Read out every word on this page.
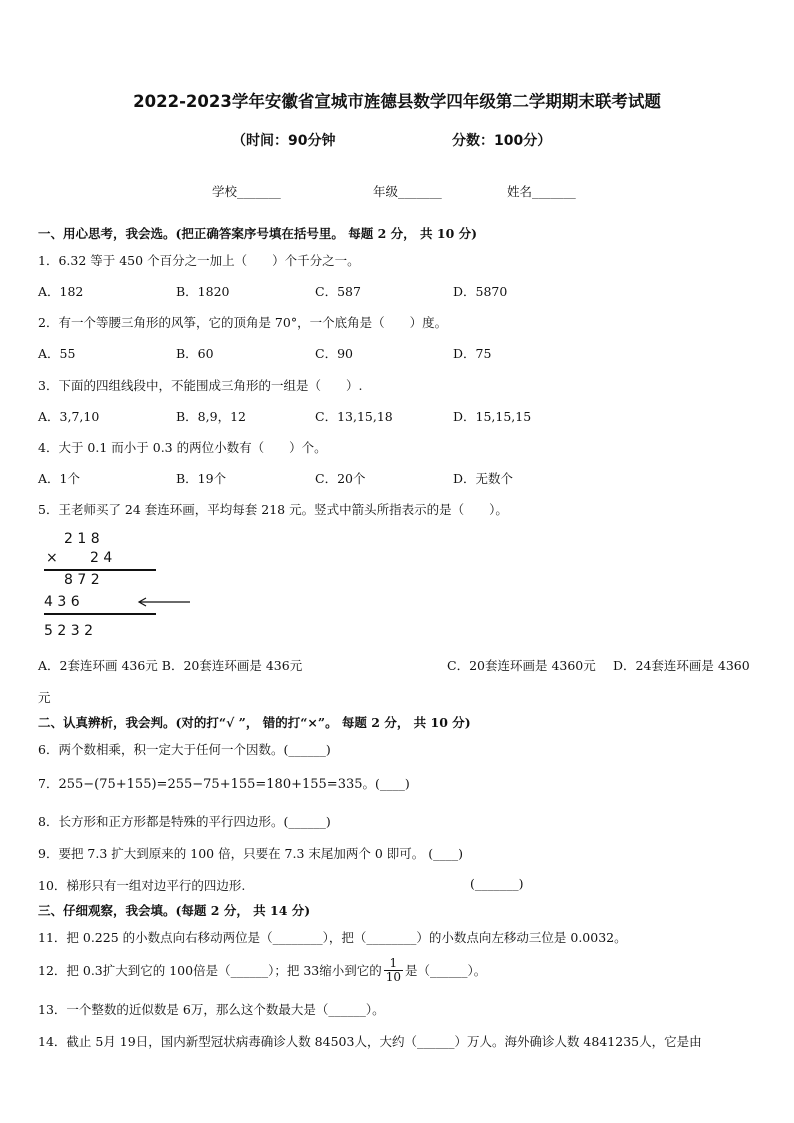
2022-2023学年安徽省宣城市旌德县数学四年级第二学期期末联考试题
（时间：90分钟	分数：100分）
学校_______	年级_______	姓名_______
一、用心思考，我会选。(把正确答案序号填在括号里。 每题 2 分， 共 10 分)
1．6.32 等于 450 个百分之一加上（　　）个千分之一。
A．182	B．1820	C．587	D．5870
2．有一个等腰三角形的风筝，它的顶角是 70°，一个底角是（　　）度。
A．55	B．60	C．90	D．75
3．下面的四组线段中，不能围成三角形的一组是（　　）.
A．3,7,10	B．8,9，12	C．13,15,18	D．15,15,15
4．大于 0.1 而小于 0.3 的两位小数有（　　）个。
A．1个	B．19个	C．20个	D．无数个
5．王老师买了 24 套连环画，平均每套 218 元。竖式中箭头所指表示的是（　　）。
2 1 8
× 2 4
8 7 2
4 3 6
5 2 3 2
A．2套连环画 436元 B．20套连环画是 436元	C．20套连环画是 4360元 D．24套连环画是 4360
元
二、认真辨析，我会判。(对的打“√ ”， 错的打“×”。 每题 2 分， 共 10 分)
6．两个数相乘，积一定大于任何一个因数。(______)
7．255−(75+155)=255−75+155=180+155=335。(____)
8．长方形和正方形都是特殊的平行四边形。(______)
9．要把 7.3 扩大到原来的 100 倍，只要在 7.3 末尾加两个 0 即可。 (____)
10．梯形只有一组对边平行的四边形.	(_______)
三、仔细观察，我会填。(每题 2 分， 共 14 分)
11．把 0.225 的小数点向右移动两位是（________），把（________）的小数点向左移动三位是 0.0032。
12．把 0.3扩大到它的 100倍是（______）；把 33缩小到它的 $\frac{1}{10}$ 是（______）。
13．一个整数的近似数是 6万，那么这个数最大是（______）。
14．截止 5月 19日，国内新型冠状病毒确诊人数 84503人，大约（______）万人。海外确诊人数 4841235人，它是由
